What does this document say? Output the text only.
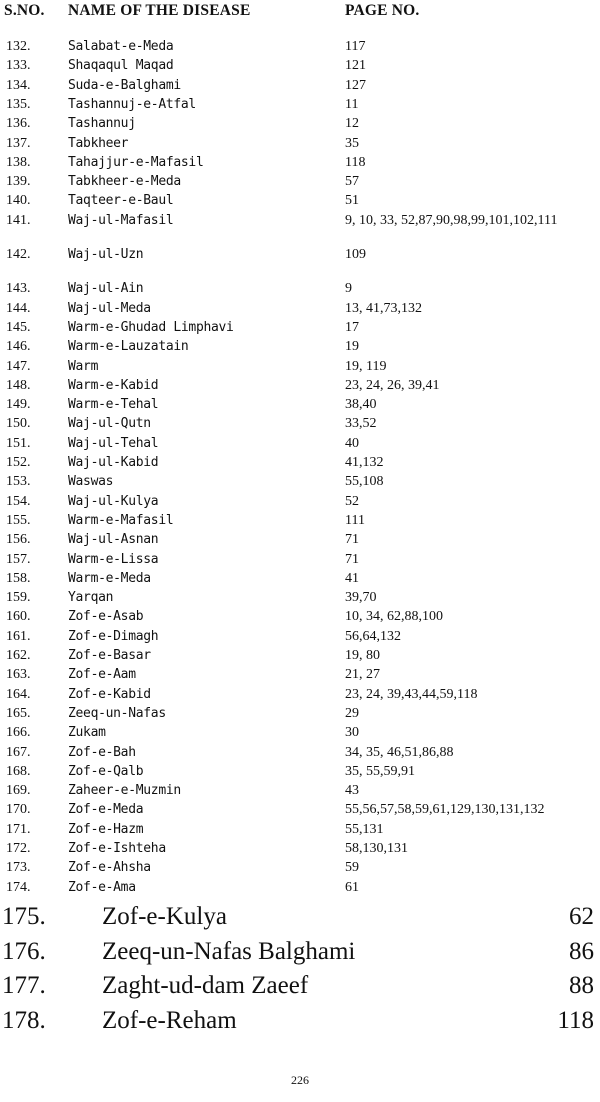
S.NO. NAME OF THE DISEASE	PAGE NO.
132.	Salabat-e-Meda	117
133.	Shaqaqul Maqad	121
134.	Suda-e-Balghami	127
135.	Tashannuj-e-Atfal	11
136.	Tashannuj	12
137.	Tabkheer	35
138.	Tahajjur-e-Mafasil	118
139.	Tabkheer-e-Meda	57
140.	Taqteer-e-Baul	51
141.	Waj-ul-Mafasil	9, 10, 33, 52,87,90,98,99,101,102,111
142.	Waj-ul-Uzn	109
143.	Waj-ul-Ain	9
144.	Waj-ul-Meda	13, 41,73,132
145.	Warm-e-Ghudad Limphavi	17
146.	Warm-e-Lauzatain	19
147.	Warm	19, 119
148.	Warm-e-Kabid	23, 24, 26, 39,41
149.	Warm-e-Tehal	38,40
150.	Waj-ul-Qutn	33,52
151.	Waj-ul-Tehal	40
152.	Waj-ul-Kabid	41,132
153.	Waswas	55,108
154.	Waj-ul-Kulya	52
155.	Warm-e-Mafasil	111
156.	Waj-ul-Asnan	71
157.	Warm-e-Lissa	71
158.	Warm-e-Meda	41
159.	Yarqan	39,70
160.	Zof-e-Asab	10, 34, 62,88,100
161.	Zof-e-Dimagh	56,64,132
162.	Zof-e-Basar	19, 80
163.	Zof-e-Aam	21, 27
164.	Zof-e-Kabid	23, 24, 39,43,44,59,118
165.	Zeeq-un-Nafas	29
166.	Zukam	30
167.	Zof-e-Bah	34, 35, 46,51,86,88
168.	Zof-e-Qalb	35, 55,59,91
169.	Zaheer-e-Muzmin	43
170.	Zof-e-Meda	55,56,57,58,59,61,129,130,131,132
171.	Zof-e-Hazm	55,131
172.	Zof-e-Ishteha	58,130,131
173.	Zof-e-Ahsha	59
174.	Zof-e-Ama	61
175. Zof-e-Kulya	62
176. Zeeq-un-Nafas Balghami	86
177. Zaght-ud-dam Zaeef	88
178. Zof-e-Reham	118
226
